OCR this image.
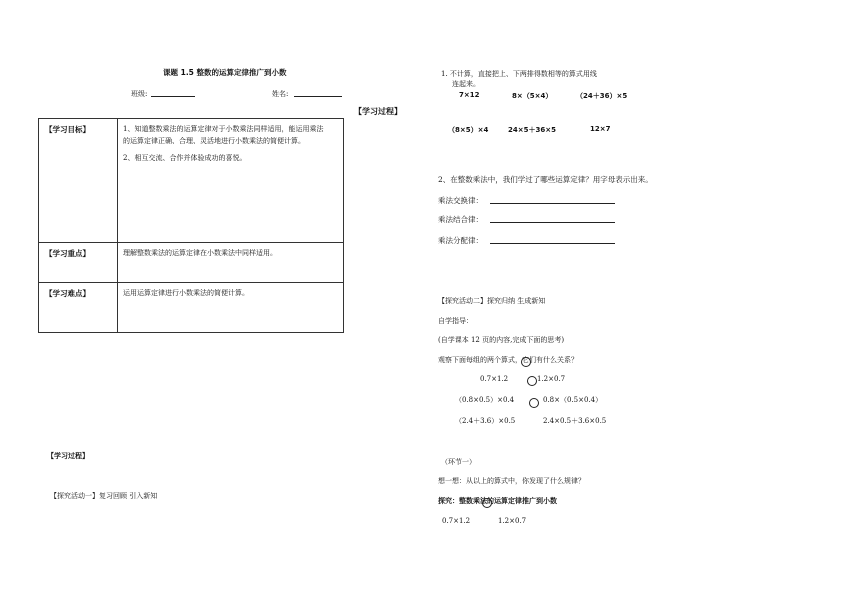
课题 1.5 整数的运算定律推广到小数
班级:	姓名:
【学习目标】	1、知道整数乘法的运算定律对于小数乘法同样适用，能运用乘法
的运算定律正确、合理、灵活地进行小数乘法的简便计算。
2、相互交流、合作并体验成功的喜悦。

【学习重点】	理解整数乘法的运算定律在小数乘法中同样适用。

【学习难点】	运用运算定律进行小数乘法的简便计算。
【学习过程】
【探究活动一】复习回顾 引入新知
【学习过程】
1. 不计算，直接把上、下两排得数相等的算式用线
连起来。
7×12	8×（5×4）	（24＋36）×5
（8×5）×4	24×5＋36×5	12×7
2、在整数乘法中，我们学过了哪些运算定律？用字母表示出来。
乘法交换律：
乘法结合律：
乘法分配律：
【探究活动二】探究归纳 生成新知
自学指导：
(自学课本 12 页的内容,完成下面的思考)
观察下面每组的两个算式，它们有什么关系？
0.7×1.2	1.2×0.7
（0.8×0.5）×0.4	0.8×（0.5×0.4）
（2.4＋3.6）×0.5	2.4×0.5＋3.6×0.5
（环节一）
想一想：从以上的算式中，你发现了什么规律？
探究：整数乘法的运算定律推广到小数
0.7×1.2	1.2×0.7
